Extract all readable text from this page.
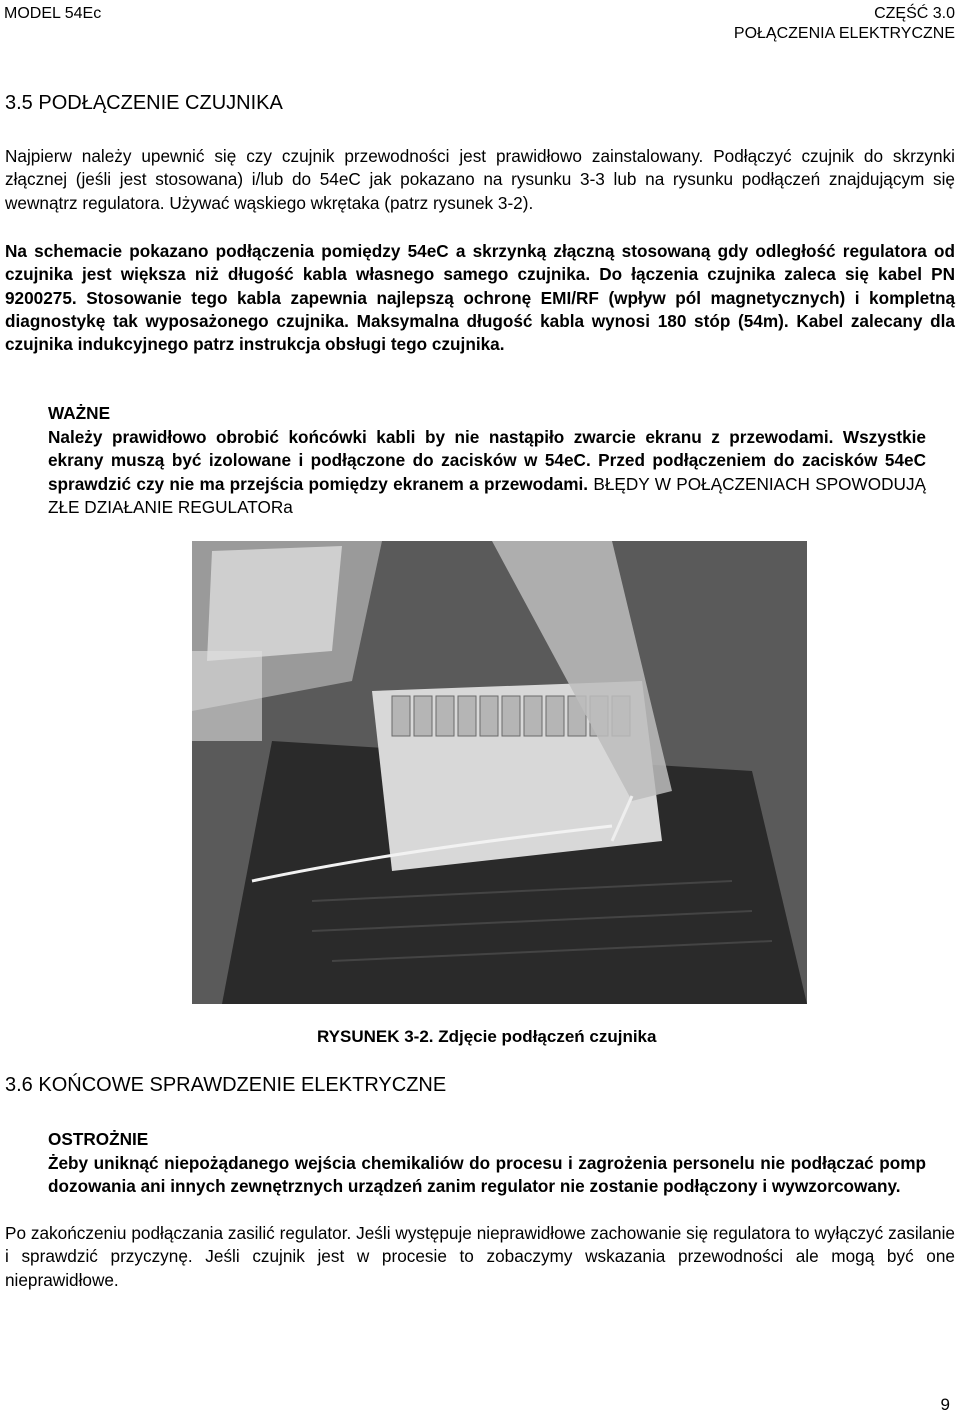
MODEL 54Ec	CZĘŚĆ 3.0
POŁĄCZENIA ELEKTRYCZNE
3.5 PODŁĄCZENIE CZUJNIKA
Najpierw należy upewnić się czy czujnik przewodności jest prawidłowo zainstalowany. Podłączyć czujnik do skrzynki złącznej (jeśli jest stosowana) i/lub do 54eC jak pokazano na rysunku 3-3 lub na rysunku podłączeń znajdującym się wewnątrz regulatora. Używać wąskiego wkrętaka (patrz rysunek 3-2).
Na schemacie pokazano podłączenia pomiędzy 54eC a skrzynką złączną stosowaną gdy odległość regulatora od czujnika jest większa niż długość kabla własnego samego czujnika. Do łączenia czujnika zaleca się kabel PN 9200275. Stosowanie tego kabla zapewnia najlepszą ochronę EMI/RF (wpływ pól magnetycznych) i kompletną diagnostykę tak wyposażonego czujnika. Maksymalna długość kabla wynosi 180 stóp (54m). Kabel zalecany dla czujnika indukcyjnego patrz instrukcja obsługi tego czujnika.
WAŻNE
Należy prawidłowo obrobić końcówki kabli by nie nastąpiło zwarcie ekranu z przewodami. Wszystkie ekrany muszą być izolowane i podłączone do zacisków w 54eC. Przed podłączeniem do zacisków 54eC sprawdzić czy nie ma przejścia pomiędzy ekranem a przewodami. BŁĘDY W POŁĄCZENIACH SPOWODUJĄ ZŁE DZIAŁANIE REGULATORa
RYSUNEK 3-2. Zdjęcie podłączeń czujnika
3.6 KOŃCOWE SPRAWDZENIE ELEKTRYCZNE
OSTROŻNIE
Żeby uniknąć niepożądanego wejścia chemikaliów do procesu i zagrożenia personelu nie podłączać pomp dozowania ani innych zewnętrznych urządzeń zanim regulator nie zostanie podłączony i wywzorcowany.
Po zakończeniu podłączania zasilić regulator. Jeśli występuje nieprawidłowe zachowanie się regulatora to wyłączyć zasilanie i sprawdzić przyczynę. Jeśli czujnik jest w procesie to zobaczymy wskazania przewodności ale mogą być one nieprawidłowe.
9
